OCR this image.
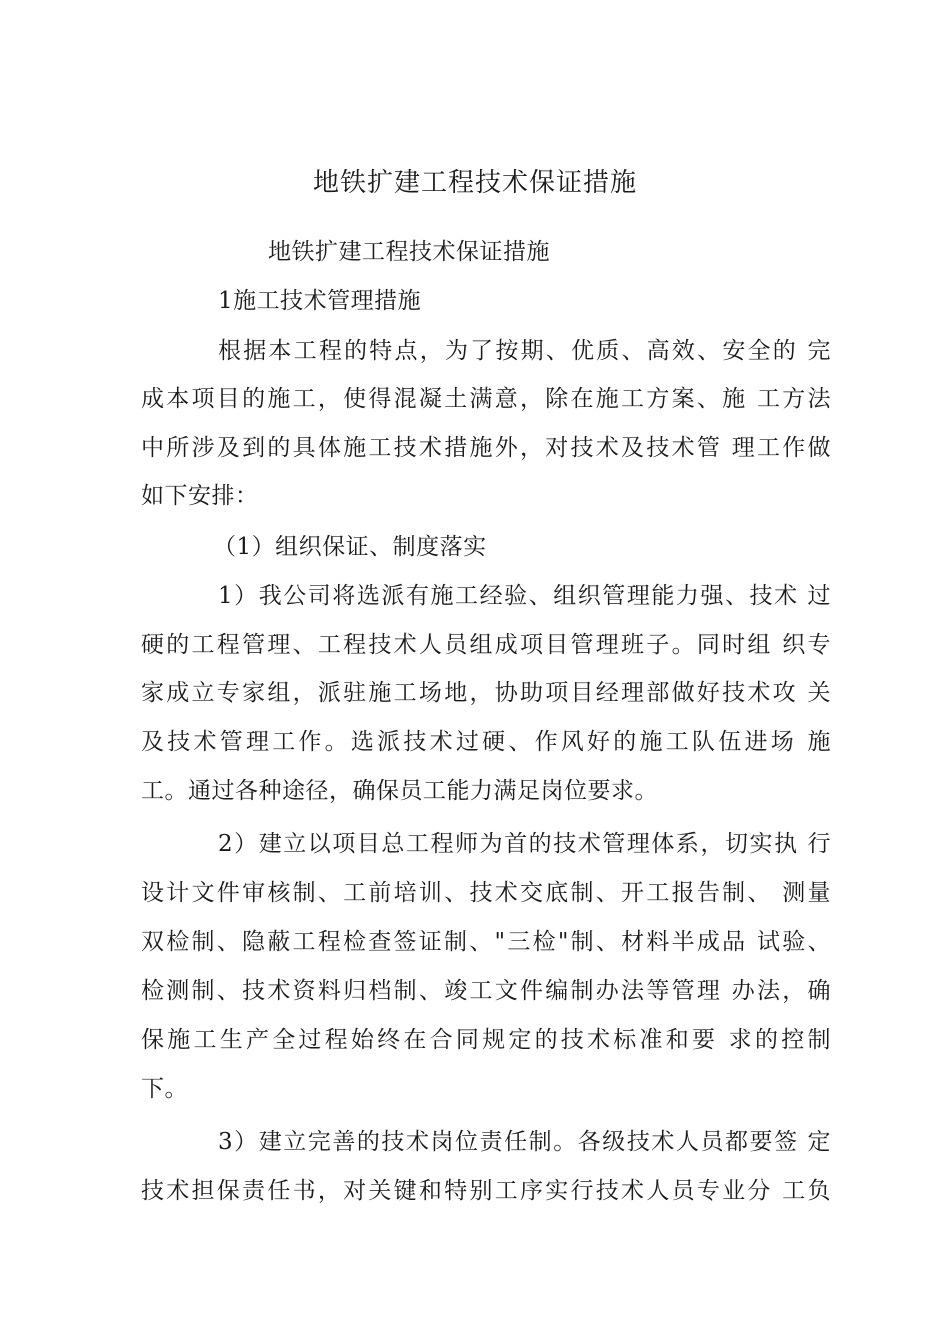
地铁扩建工程技术保证措施
地铁扩建工程技术保证措施
1施工技术管理措施
根据本工程的特点，为了按期、优质、高效、安全的 完
成本项目的施工，使得混凝土满意，除在施工方案、施 工方法
中所涉及到的具体施工技术措施外，对技术及技术管 理工作做
如下安排：
（1）组织保证、制度落实
1）我公司将选派有施工经验、组织管理能力强、技术 过
硬的工程管理、工程技术人员组成项目管理班子。同时组 织专
家成立专家组，派驻施工场地，协助项目经理部做好技术攻 关
及技术管理工作。选派技术过硬、作风好的施工队伍进场 施
工。通过各种途径，确保员工能力满足岗位要求。
2）建立以项目总工程师为首的技术管理体系，切实执 行
设计文件审核制、工前培训、技术交底制、开工报告制、 测量
双检制、隐蔽工程检查签证制、"三检"制、材料半成品 试验、
检测制、技术资料归档制、竣工文件编制办法等管理 办法，确
保施工生产全过程始终在合同规定的技术标准和要 求的控制
下。
3）建立完善的技术岗位责任制。各级技术人员都要签 定
技术担保责任书，对关键和特别工序实行技术人员专业分 工负
